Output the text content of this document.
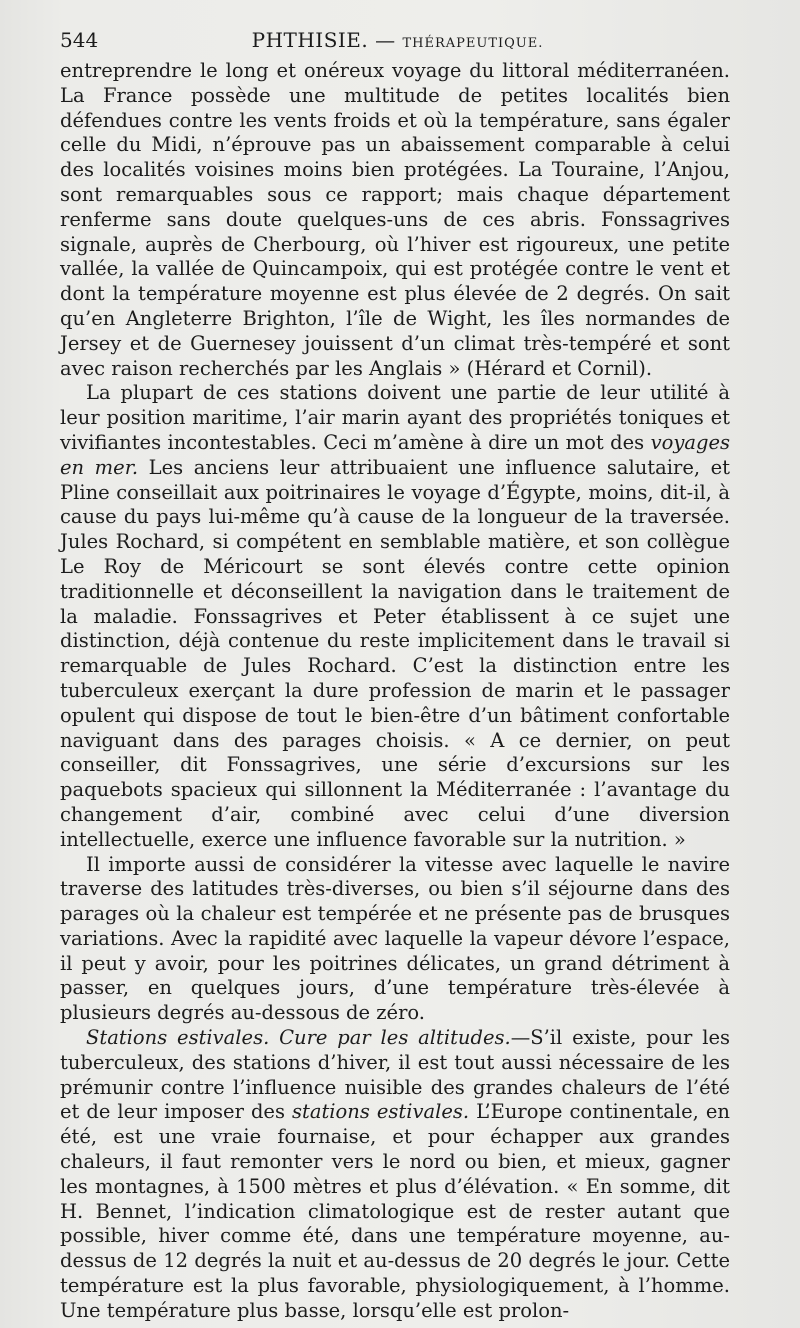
544	PHTHISIE. — THÉRAPEUTIQUE.

entreprendre le long et onéreux voyage du littoral méditerranéen. La France possède une multitude de petites localités bien défendues contre les vents froids et où la température, sans égaler celle du Midi, n’éprouve pas un abaissement comparable à celui des localités voisines moins bien protégées. La Touraine, l’Anjou, sont remarquables sous ce rapport; mais chaque département renferme sans doute quelques-uns de ces abris. Fonssagrives signale, auprès de Cherbourg, où l’hiver est rigoureux, une petite vallée, la vallée de Quincampoix, qui est protégée contre le vent et dont la température moyenne est plus élevée de 2 degrés. On sait qu’en Angleterre Brighton, l’île de Wight, les îles normandes de Jersey et de Guernesey jouissent d’un climat très-tempéré et sont avec raison recherchés par les Anglais » (Hérard et Cornil).

La plupart de ces stations doivent une partie de leur utilité à leur position maritime, l’air marin ayant des propriétés toniques et vivifiantes incontestables. Ceci m’amène à dire un mot des voyages en mer. Les anciens leur attribuaient une influence salutaire, et Pline conseillait aux poitrinaires le voyage d’Égypte, moins, dit-il, à cause du pays lui-même qu’à cause de la longueur de la traversée. Jules Rochard, si compétent en semblable matière, et son collègue Le Roy de Méricourt se sont élevés contre cette opinion traditionnelle et déconseillent la navigation dans le traitement de la maladie. Fonssagrives et Peter établissent à ce sujet une distinction, déjà contenue du reste implicitement dans le travail si remarquable de Jules Rochard. C’est la distinction entre les tuberculeux exerçant la dure profession de marin et le passager opulent qui dispose de tout le bien-être d’un bâtiment confortable naviguant dans des parages choisis. « A ce dernier, on peut conseiller, dit Fonssagrives, une série d’excursions sur les paquebots spacieux qui sillonnent la Méditerranée : l’avantage du changement d’air, combiné avec celui d’une diversion intellectuelle, exerce une influence favorable sur la nutrition. »

Il importe aussi de considérer la vitesse avec laquelle le navire traverse des latitudes très-diverses, ou bien s’il séjourne dans des parages où la chaleur est tempérée et ne présente pas de brusques variations. Avec la rapidité avec laquelle la vapeur dévore l’espace, il peut y avoir, pour les poitrines délicates, un grand détriment à passer, en quelques jours, d’une température très-élevée à plusieurs degrés au-dessous de zéro.

Stations estivales. Cure par les altitudes.—S’il existe, pour les tuberculeux, des stations d’hiver, il est tout aussi nécessaire de les prémunir contre l’influence nuisible des grandes chaleurs de l’été et de leur imposer des stations estivales. L’Europe continentale, en été, est une vraie fournaise, et pour échapper aux grandes chaleurs, il faut remonter vers le nord ou bien, et mieux, gagner les montagnes, à 1500 mètres et plus d’élévation. « En somme, dit H. Bennet, l’indication climatologique est de rester autant que possible, hiver comme été, dans une température moyenne, au-dessus de 12 degrés la nuit et au-dessus de 20 degrés le jour. Cette température est la plus favorable, physiologiquement, à l’homme. Une température plus basse, lorsqu’elle est prolon-
